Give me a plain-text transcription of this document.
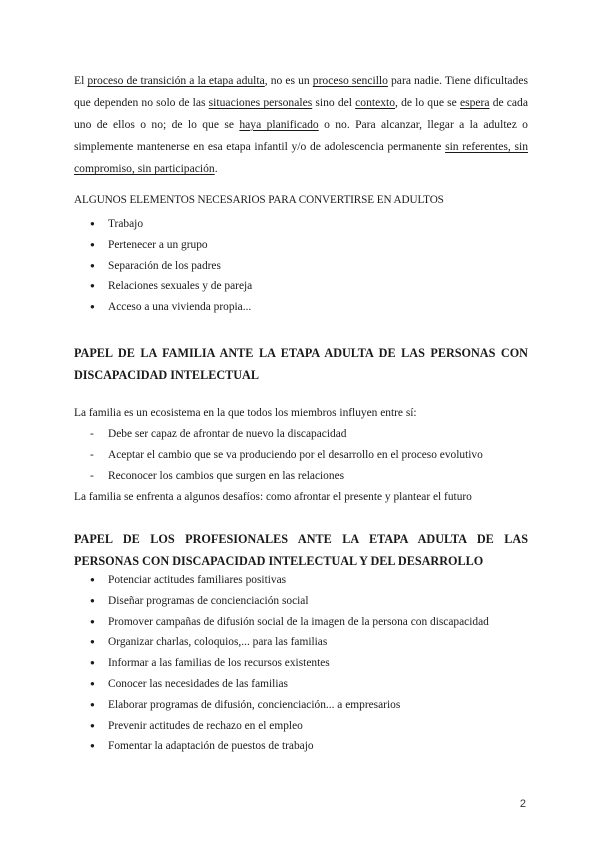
El proceso de transición a la etapa adulta, no es un proceso sencillo para nadie. Tiene dificultades que dependen no solo de las situaciones personales sino del contexto, de lo que se espera de cada uno de ellos o no; de lo que se haya planificado o no. Para alcanzar, llegar a la adultez o simplemente mantenerse en esa etapa infantil y/o de adolescencia permanente sin referentes, sin compromiso, sin participación.

ALGUNOS ELEMENTOS NECESARIOS PARA CONVERTIRSE EN ADULTOS
● Trabajo
● Pertenecer a un grupo
● Separación de los padres
● Relaciones sexuales y de pareja
● Acceso a una vivienda propia...
PAPEL DE LA FAMILIA ANTE LA ETAPA ADULTA DE LAS PERSONAS CON DISCAPACIDAD INTELECTUAL

La familia es un ecosistema en la que todos los miembros influyen entre sí:

- Debe ser capaz de afrontar de nuevo la discapacidad
- Aceptar el cambio que se va produciendo por el desarrollo en el proceso evolutivo
- Reconocer los cambios que surgen en las relaciones

La familia se enfrenta a algunos desafíos: como afrontar el presente y plantear el futuro

PAPEL DE LOS PROFESIONALES ANTE LA ETAPA ADULTA DE LAS PERSONAS CON DISCAPACIDAD INTELECTUAL Y DEL DESARROLLO
● Potenciar actitudes familiares positivas
● Diseñar programas de concienciación social
● Promover campañas de difusión social de la imagen de la persona con discapacidad
● Organizar charlas, coloquios,... para las familias
● Informar a las familias de los recursos existentes
● Conocer las necesidades de las familias
● Elaborar programas de difusión, concienciación... a empresarios
● Prevenir actitudes de rechazo en el empleo
● Fomentar la adaptación de puestos de trabajo
2
